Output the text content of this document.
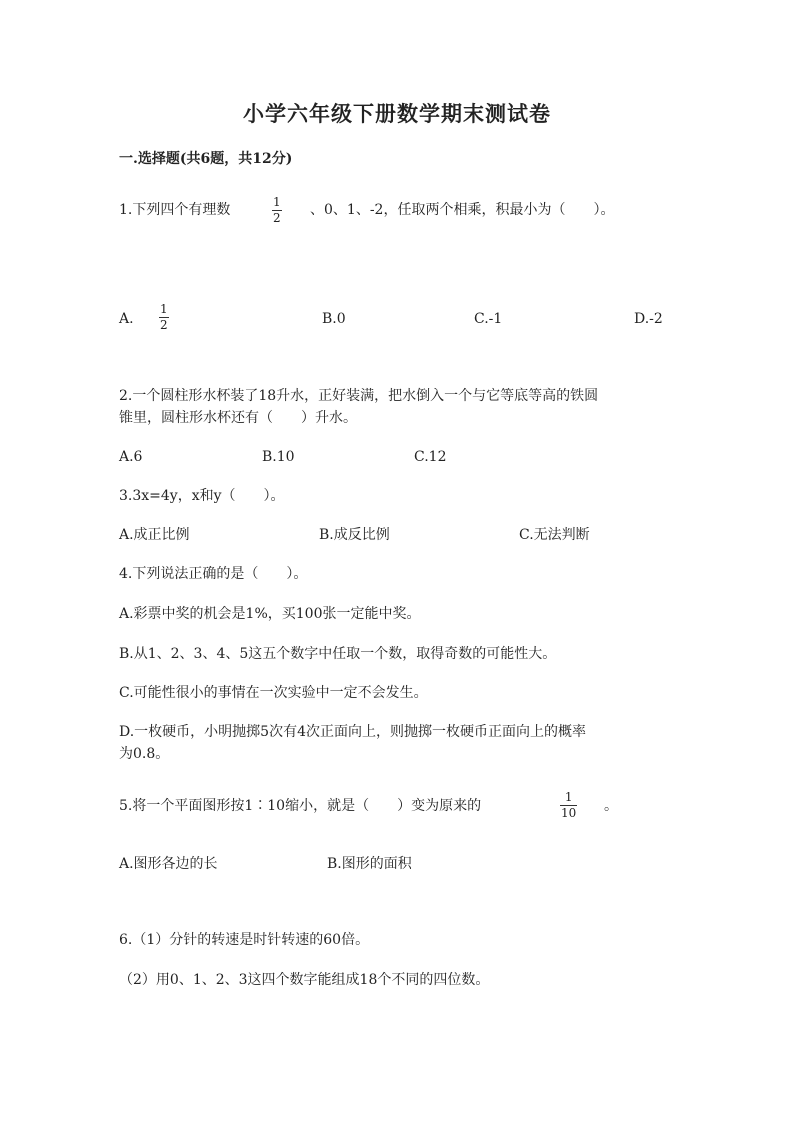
小学六年级下册数学期末测试卷
一.选择题(共6题，共12分)
1.下列四个有理数	1
2 、0、1、-2，任取两个相乘，积最小为（　　）。
A.
1
2	B.0	C.-1	D.-2
2.一个圆柱形水杯装了18升水，正好装满，把水倒入一个与它等底等高的铁圆
锥里，圆柱形水杯还有（　　）升水。
A.6	B.10	C.12
3.3x=4y，x和y（　　）。
A.成正比例	B.成反比例	C.无法判断
4.下列说法正确的是（　　）。
A.彩票中奖的机会是1%，买100张一定能中奖。
B.从1、2、3、4、5这五个数字中任取一个数，取得奇数的可能性大。
C.可能性很小的事情在一次实验中一定不会发生。
D.一枚硬币，小明抛掷5次有4次正面向上，则抛掷一枚硬币正面向上的概率
为0.8。
5.将一个平面图形按1∶10缩小，就是（　　）变为原来的
1
10 。
A.图形各边的长	B.图形的面积
6.（1）分针的转速是时针转速的60倍。
（2）用0、1、2、3这四个数字能组成18个不同的四位数。
